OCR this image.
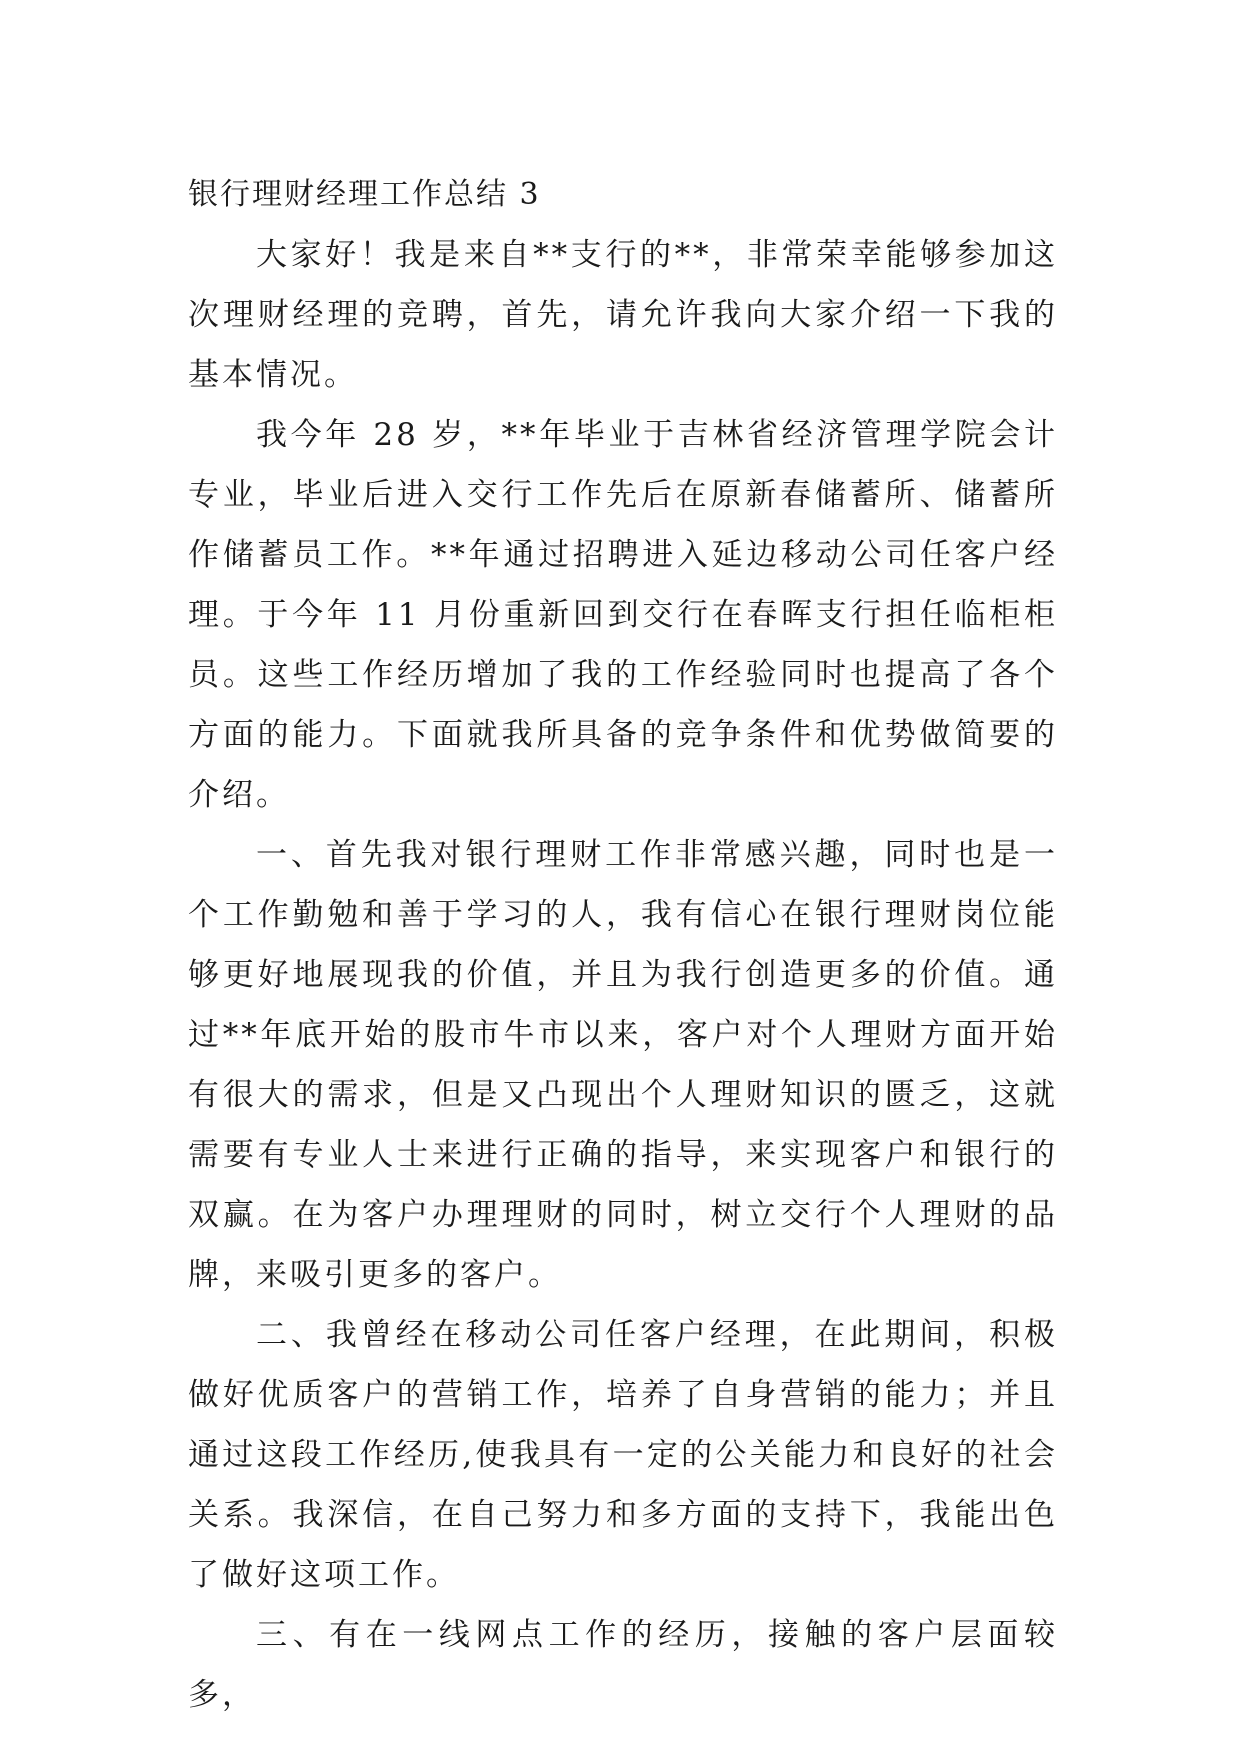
银行理财经理工作总结 3

大家好！我是来自**支行的**，非常荣幸能够参加这次理财经理的竞聘，首先，请允许我向大家介绍一下我的基本情况。

我今年 28 岁，**年毕业于吉林省经济管理学院会计专业，毕业后进入交行工作先后在原新春储蓄所、储蓄所作储蓄员工作。**年通过招聘进入延边移动公司任客户经理。于今年 11 月份重新回到交行在春晖支行担任临柜柜员。这些工作经历增加了我的工作经验同时也提高了各个方面的能力。下面就我所具备的竞争条件和优势做简要的介绍。

一、首先我对银行理财工作非常感兴趣，同时也是一个工作勤勉和善于学习的人，我有信心在银行理财岗位能够更好地展现我的价值，并且为我行创造更多的价值。通过**年底开始的股市牛市以来，客户对个人理财方面开始有很大的需求，但是又凸现出个人理财知识的匮乏，这就需要有专业人士来进行正确的指导，来实现客户和银行的双赢。在为客户办理理财的同时，树立交行个人理财的品牌，来吸引更多的客户。

二、我曾经在移动公司任客户经理，在此期间，积极做好优质客户的营销工作，培养了自身营销的能力；并且通过这段工作经历,使我具有一定的公关能力和良好的社会关系。我深信，在自己努力和多方面的支持下，我能出色了做好这项工作。

三、有在一线网点工作的经历，接触的客户层面较多，
